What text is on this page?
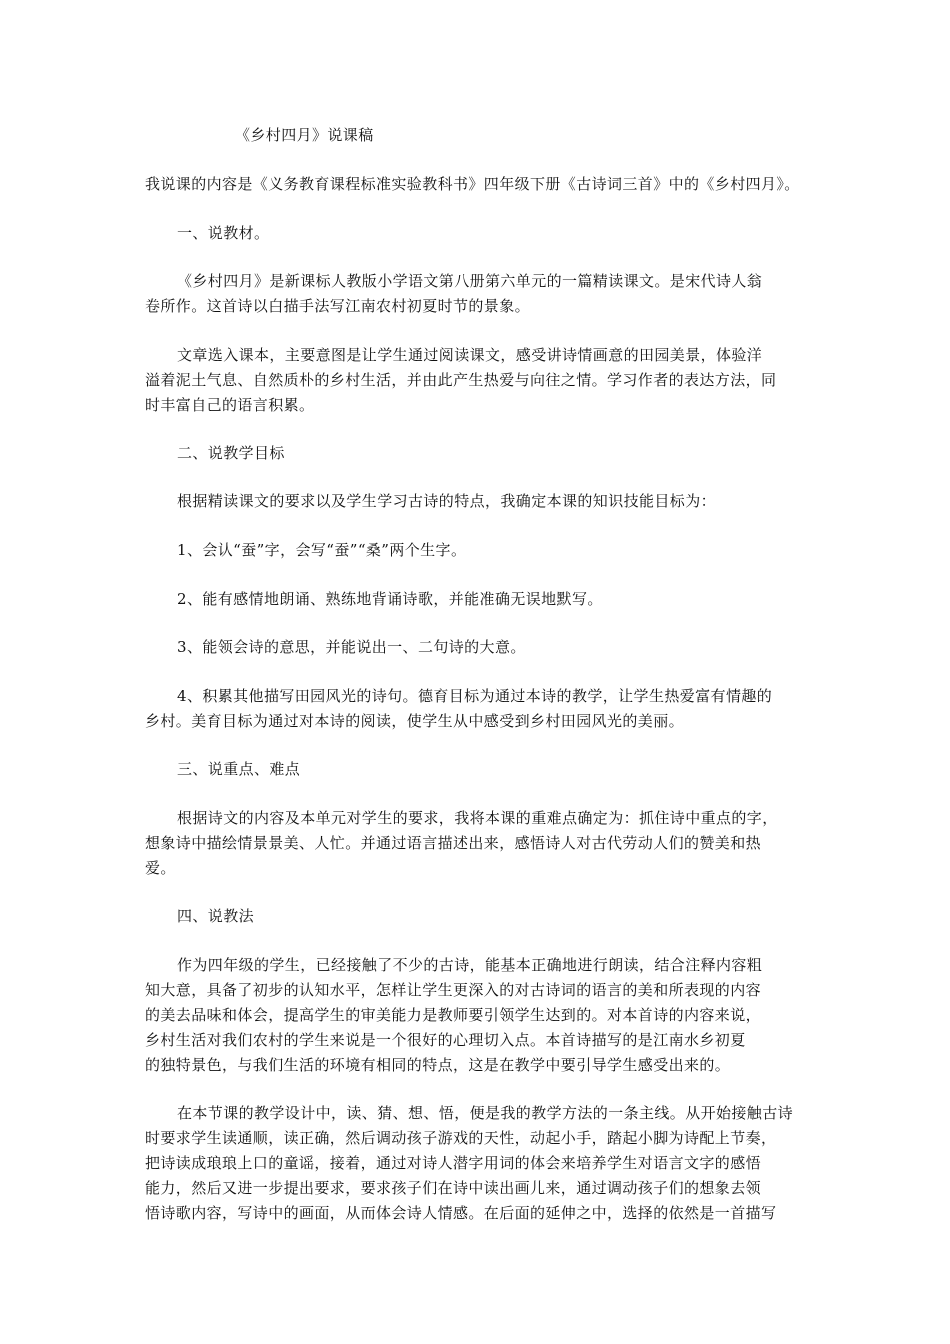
《乡村四月》说课稿
我说课的内容是《义务教育课程标准实验教科书》四年级下册《古诗词三首》中的《乡村四月》。
一、说教材。
《乡村四月》是新课标人教版小学语文第八册第六单元的一篇精读课文。是宋代诗人翁
卷所作。这首诗以白描手法写江南农村初夏时节的景象。
文章选入课本，主要意图是让学生通过阅读课文，感受讲诗情画意的田园美景，体验洋
溢着泥土气息、自然质朴的乡村生活，并由此产生热爱与向往之情。学习作者的表达方法，同
时丰富自己的语言积累。
二、说教学目标
根据精读课文的要求以及学生学习古诗的特点，我确定本课的知识技能目标为：
1、会认“蚕”字，会写“蚕”“桑”两个生字。
2、能有感情地朗诵、熟练地背诵诗歌，并能准确无误地默写。
3、能领会诗的意思，并能说出一、二句诗的大意。
4、积累其他描写田园风光的诗句。德育目标为通过本诗的教学，让学生热爱富有情趣的
乡村。美育目标为通过对本诗的阅读，使学生从中感受到乡村田园风光的美丽。
三、说重点、难点
根据诗文的内容及本单元对学生的要求，我将本课的重难点确定为：抓住诗中重点的字，
想象诗中描绘情景景美、人忙。并通过语言描述出来，感悟诗人对古代劳动人们的赞美和热
爱。
四、说教法
作为四年级的学生，已经接触了不少的古诗，能基本正确地进行朗读，结合注释内容粗
知大意，具备了初步的认知水平，怎样让学生更深入的对古诗词的语言的美和所表现的内容
的美去品味和体会，提高学生的审美能力是教师要引领学生达到的。对本首诗的内容来说，
乡村生活对我们农村的学生来说是一个很好的心理切入点。本首诗描写的是江南水乡初夏
的独特景色，与我们生活的环境有相同的特点，这是在教学中要引导学生感受出来的。
在本节课的教学设计中，读、猜、想、悟，便是我的教学方法的一条主线。从开始接触古诗
时要求学生读通顺，读正确，然后调动孩子游戏的天性，动起小手，踏起小脚为诗配上节奏，
把诗读成琅琅上口的童谣，接着，通过对诗人潜字用词的体会来培养学生对语言文字的感悟
能力，然后又进一步提出要求，要求孩子们在诗中读出画儿来，通过调动孩子们的想象去领
悟诗歌内容，写诗中的画面，从而体会诗人情感。在后面的延伸之中，选择的依然是一首描写
